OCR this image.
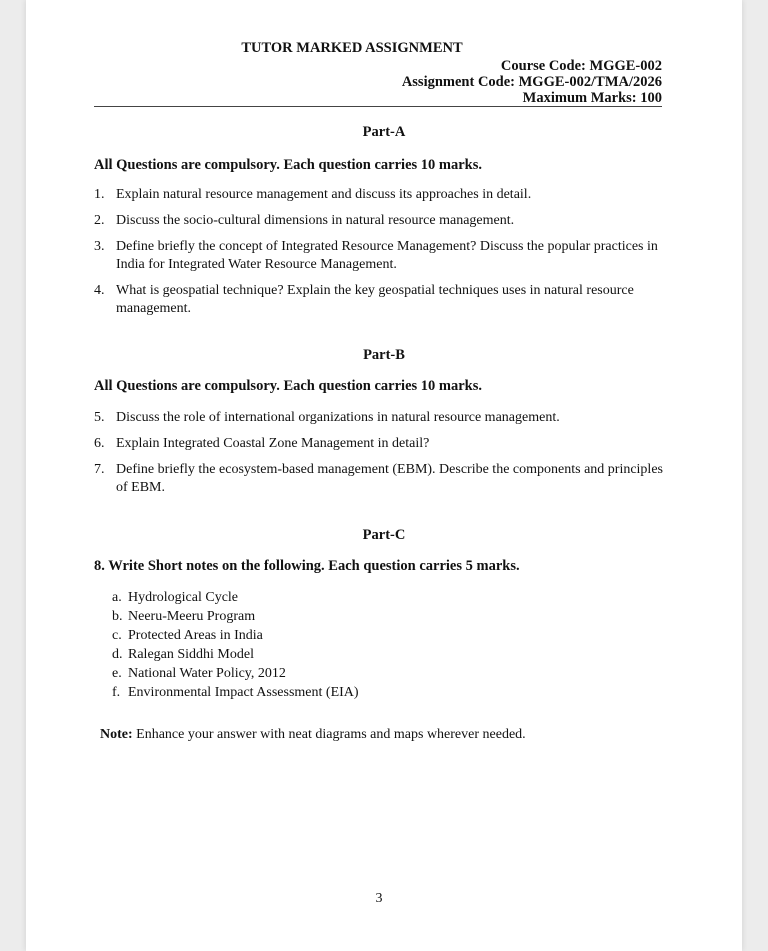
TUTOR MARKED ASSIGNMENT
Course Code: MGGE-002
Assignment Code: MGGE-002/TMA/2026
Maximum Marks: 100
Part-A
All Questions are compulsory. Each question carries 10 marks.
1. Explain natural resource management and discuss its approaches in detail.
2. Discuss the socio-cultural dimensions in natural resource management.
3. Define briefly the concept of Integrated Resource Management? Discuss the popular practices in India for Integrated Water Resource Management.
4. What is geospatial technique? Explain the key geospatial techniques uses in natural resource management.
Part-B
All Questions are compulsory. Each question carries 10 marks.
5. Discuss the role of international organizations in natural resource management.
6. Explain Integrated Coastal Zone Management in detail?
7. Define briefly the ecosystem-based management (EBM). Describe the components and principles of EBM.
Part-C
8. Write Short notes on the following. Each question carries 5 marks.
a. Hydrological Cycle
b. Neeru-Meeru Program
c. Protected Areas in India
d. Ralegan Siddhi Model
e. National Water Policy, 2012
f. Environmental Impact Assessment (EIA)
Note: Enhance your answer with neat diagrams and maps wherever needed.
3
